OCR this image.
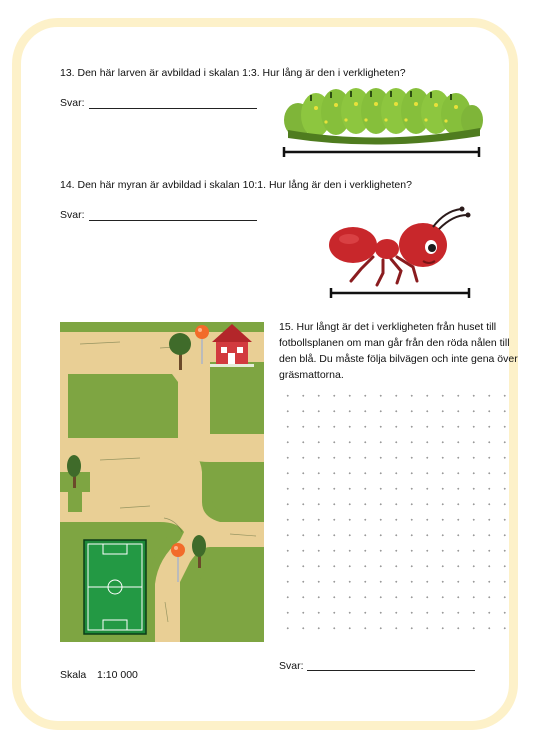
13. Den här larven är avbildad i skalan 1:3. Hur lång är den i verkligheten?
Svar:
14. Den här myran är avbildad i skalan 10:1. Hur lång är den i verkligheten?
Svar:
15. Hur långt är det i verkligheten från huset till fotbollsplanen om man går från den röda nålen till den blå. Du måste följa bilvägen och inte gena över gräsmattorna.
Svar:
Skala 1:10 000
